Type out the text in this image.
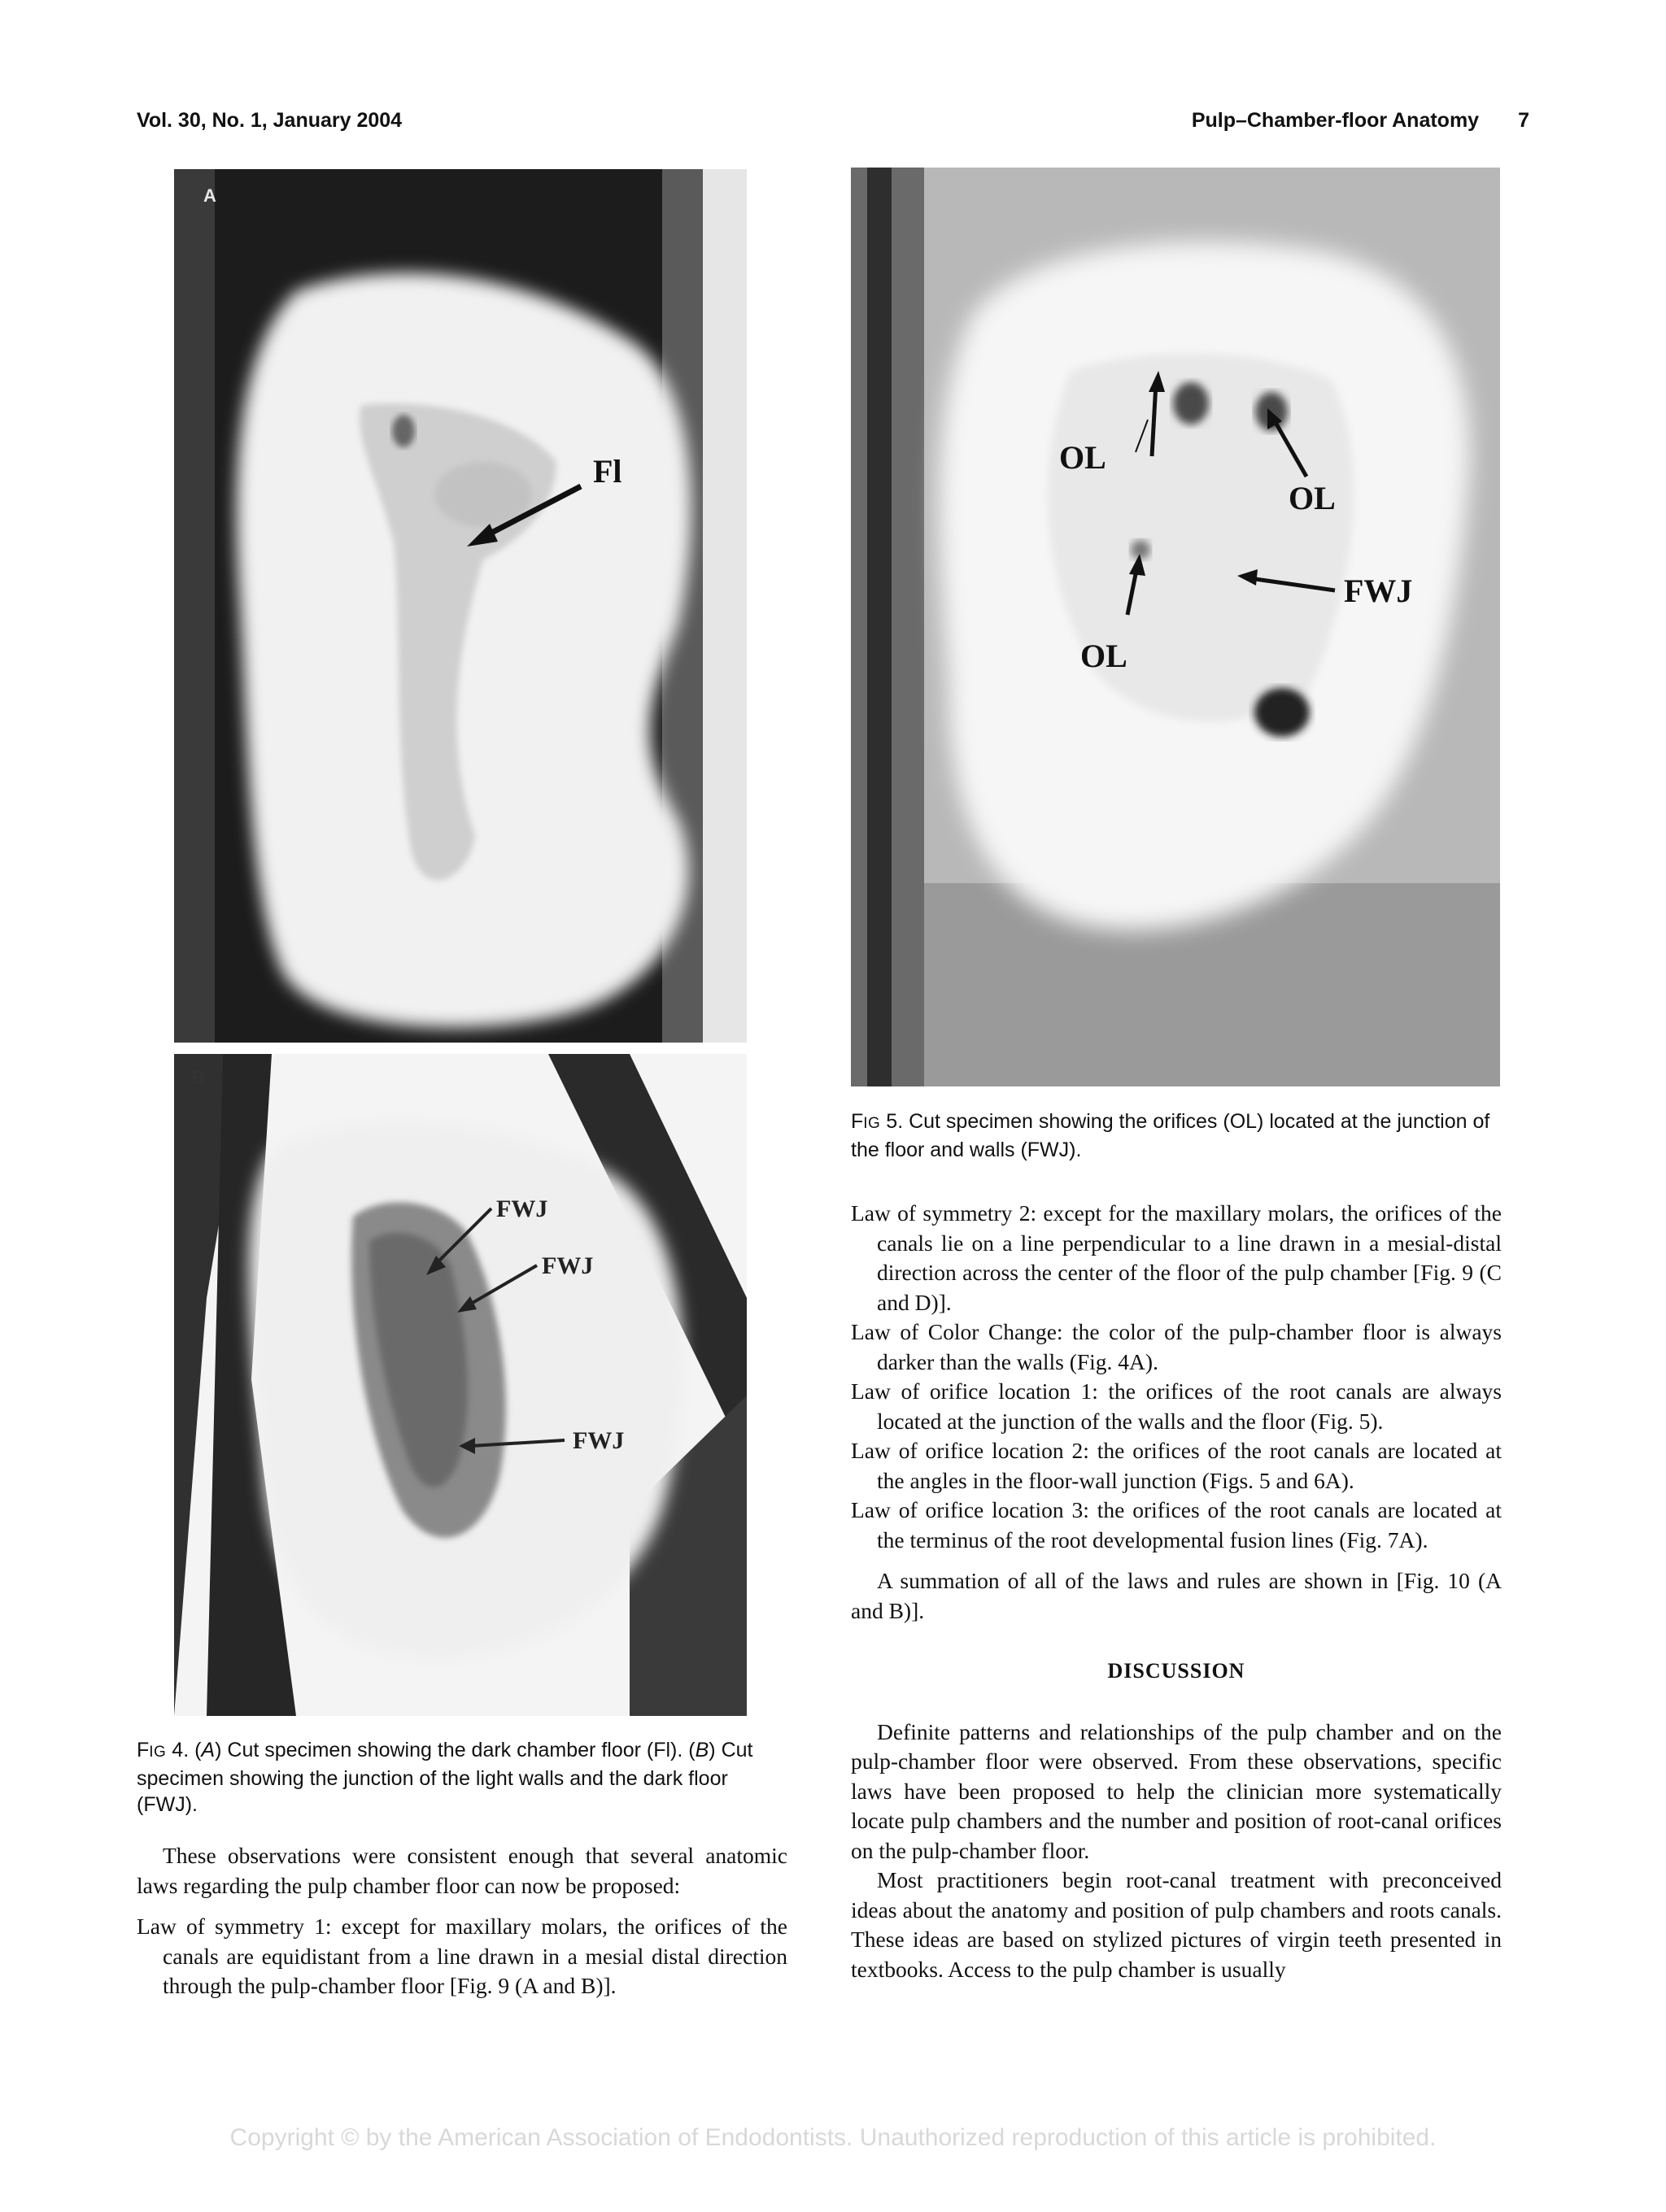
Vol. 30, No. 1, January 2004	Pulp–Chamber-floor Anatomy 7
A
Fl
B
FWJ
FWJ
FWJ
OL
OL
OL
FWJ
FIG 5. Cut specimen showing the orifices (OL) located at the junction of the floor and walls (FWJ).
FIG 4. (A) Cut specimen showing the dark chamber floor (Fl). (B) Cut specimen showing the junction of the light walls and the dark floor (FWJ).

These observations were consistent enough that several anatomic laws regarding the pulp chamber floor can now be proposed:

Law of symmetry 1: except for maxillary molars, the orifices of the canals are equidistant from a line drawn in a mesial distal direction through the pulp-chamber floor [Fig. 9 (A and B)].

Law of symmetry 2: except for the maxillary molars, the orifices of the canals lie on a line perpendicular to a line drawn in a mesial-distal direction across the center of the floor of the pulp chamber [Fig. 9 (C and D)].

Law of Color Change: the color of the pulp-chamber floor is always darker than the walls (Fig. 4A).

Law of orifice location 1: the orifices of the root canals are always located at the junction of the walls and the floor (Fig. 5).

Law of orifice location 2: the orifices of the root canals are located at the angles in the floor-wall junction (Figs. 5 and 6A).

Law of orifice location 3: the orifices of the root canals are located at the terminus of the root developmental fusion lines (Fig. 7A).

A summation of all of the laws and rules are shown in [Fig. 10 (A and B)].

DISCUSSION

Definite patterns and relationships of the pulp chamber and on the pulp-chamber floor were observed. From these observations, specific laws have been proposed to help the clinician more systematically locate pulp chambers and the number and position of root-canal orifices on the pulp-chamber floor.

Most practitioners begin root-canal treatment with preconceived ideas about the anatomy and position of pulp chambers and roots canals. These ideas are based on stylized pictures of virgin teeth presented in textbooks. Access to the pulp chamber is usually

Copyright © by the American Association of Endodontists. Unauthorized reproduction of this article is prohibited.
